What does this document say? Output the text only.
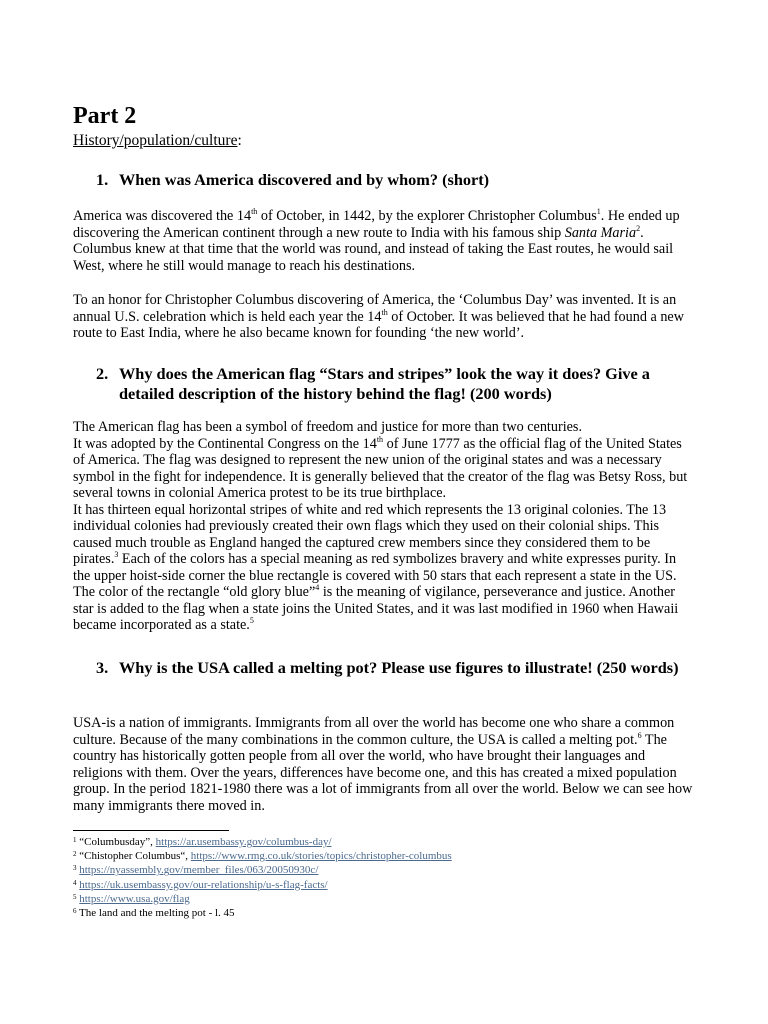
Part 2

History/population/culture:

1. When was America discovered and by whom? (short)

America was discovered the 14th of October, in 1442, by the explorer Christopher Columbus$^1$. He ended up discovering the American continent through a new route to India with his famous ship Santa Maria$^2$. Columbus knew at that time that the world was round, and instead of taking the East routes, he would sail West, where he still would manage to reach his destinations.

To an honor for Christopher Columbus discovering of America, the ‘Columbus Day’ was invented. It is an annual U.S. celebration which is held each year the 14th of October. It was believed that he had found a new route to East India, where he also became known for founding ‘the new world’.

2. Why does the American flag “Stars and stripes” look the way it does? Give a detailed description of the history behind the flag! (200 words)

The American flag has been a symbol of freedom and justice for more than two centuries.
It was adopted by the Continental Congress on the 14th of June 1777 as the official flag of the United States of America. The flag was designed to represent the new union of the original states and was a necessary symbol in the fight for independence. It is generally believed that the creator of the flag was Betsy Ross, but several towns in colonial America protest to be its true birthplace.
It has thirteen equal horizontal stripes of white and red which represents the 13 original colonies. The 13 individual colonies had previously created their own flags which they used on their colonial ships. This caused much trouble as England hanged the captured crew members since they considered them to be pirates.$^3$ Each of the colors has a special meaning as red symbolizes bravery and white expresses purity. In the upper hoist-side corner the blue rectangle is covered with 50 stars that each represent a state in the US. The color of the rectangle “old glory blue”$^4$ is the meaning of vigilance, perseverance and justice. Another star is added to the flag when a state joins the United States, and it was last modified in 1960 when Hawaii became incorporated as a state.$^5$

3. Why is the USA called a melting pot? Please use figures to illustrate! (250 words)

USA-is a nation of immigrants. Immigrants from all over the world has become one who share a common culture. Because of the many combinations in the common culture, the USA is called a melting pot.$^6$ The country has historically gotten people from all over the world, who have brought their languages and religions with them. Over the years, differences have become one, and this has created a mixed population group. In the period 1821-1980 there was a lot of immigrants from all over the world. Below we can see how many immigrants there moved in.

$^1$ “Columbusday”, https://ar.usembassy.gov/columbus-day/

$^2$ “Chistopher Columbus“, https://www.rmg.co.uk/stories/topics/christopher-columbus

$^3$ https://nyassembly.gov/member_files/063/20050930c/

$^4$ https://uk.usembassy.gov/our-relationship/u-s-flag-facts/

$^5$ https://www.usa.gov/flag

$^6$ The land and the melting pot - l. 45
